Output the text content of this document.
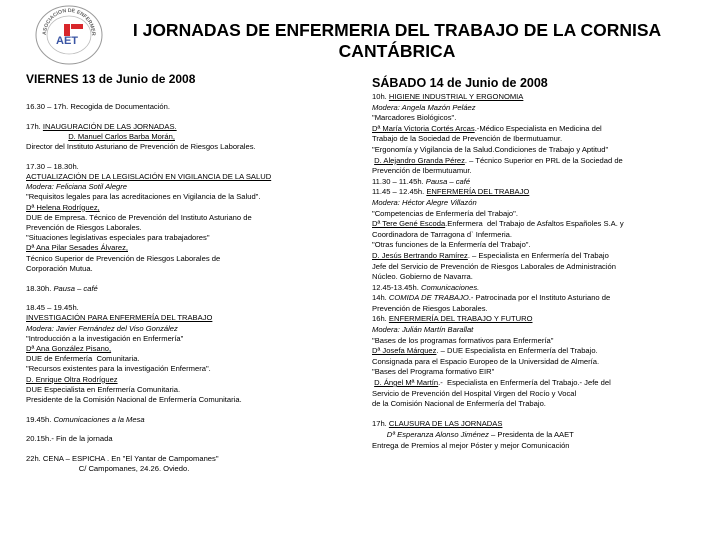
ASOCIACION DE ENFERMER
AET
I JORNADAS DE ENFERMERIA DEL TRABAJO DE LA CORNISA
CANTÁBRICA
VIERNES 13 de Junio de 2008
16.30 – 17h. Recogida de Documentación.
17h. INAUGURACIÓN DE LAS JORNADAS.
D. Manuel Carlos Barba Morán,
Director del Instituto Asturiano de Prevención de Riesgos Laborales.
17.30 – 18.30h.
ACTUALIZACIÓN DE LA LEGISLACIÓN EN VIGILANCIA DE LA SALUD
Modera: Feliciana Sotil Alegre
"Requisitos legales para las acreditaciones en Vigilancia de la Salud".
Dª Helena Rodríguez,
DUE de Empresa. Técnico de Prevención del Instituto Asturiano de
Prevención de Riesgos Laborales.
"Situaciones legislativas especiales para trabajadores"
Dª Ana Pilar Sesades Álvarez,
Técnico Superior de Prevención de Riesgos Laborales de
Corporación Mutua.
18.30h. Pausa – café
18.45 – 19.45h.
INVESTIGACIÓN PARA ENFERMERÍA DEL TRABAJO
Modera: Javier Fernández del Viso González
"Introducción a la investigación en Enfermería"
Dª Ana González Pisano,
DUE de Enfermería  Comunitaria.
"Recursos existentes para la investigación Enfermera".
D. Enrique Oltra Rodríguez
DUE Especialista en Enfermería Comunitaria.
Presidente de la Comisión Nacional de Enfermería Comunitaria.
19.45h. Comunicaciones a la Mesa
20.15h.- Fin de la jornada
22h. CENA – ESPICHA . En "El Yantar de Campomanes"
C/ Campomanes, 24.26. Oviedo.
SÁBADO 14 de Junio de 2008
10h. HIGIENE INDUSTRIAL Y ERGONOMIA
Modera: Angela Mazón Peláez
"Marcadores Biológicos".
Dª María Victoria Cortés Arcas.-Médico Especialista en Medicina del
Trabajo de la Sociedad de Prevención de Ibermutuamur.
"Ergonomía y Vigilancia de la Salud.Condiciones de Trabajo y Aptitud"
D. Alejandro Granda Pérez. – Técnico Superior en PRL de la Sociedad de
Prevención de Ibermutuamur.
11.30 – 11.45h. Pausa – café
11.45 – 12.45h. ENFERMERÍA DEL TRABAJO
Modera: Héctor Alegre Villazón
"Competencias de Enfermería del Trabajo".
Dª Tere Gené Escoda.Enfermera  del Trabajo de Asfaltos Españoles S.A. y
Coordinadora de Tarragona d` Infermeria.
"Otras funciones de la Enfermería del Trabajo".
D. Jesús Bertrando Ramírez. – Especialista en Enfermería del Trabajo
Jefe del Servicio de Prevención de Riesgos Laborales de Administración
Núcleo. Gobierno de Navarra.
12.45-13.45h. Comunicaciones.
14h. COMIDA DE TRABAJO.- Patrocinada por el Instituto Asturiano de
Prevención de Riesgos Laborales.
16h. ENFERMERÍA DEL TRABAJO Y FUTURO
Modera: Julián Martín Barallat
"Bases de los programas formativos para Enfermería"
Dª Josefa Márquez. – DUE Especialista en Enfermería del Trabajo.
Consignada para el Espacio Europeo de la Universidad de Almería.
"Bases del Programa formativo EIR"
D. Ángel Mª Martín.-  Especialista en Enfermería del Trabajo.- Jefe del
Servicio de Prevención del Hospital Virgen del Rocío y Vocal
de la Comisión Nacional de Enfermería del Trabajo.
17h. CLAUSURA DE LAS JORNADAS
Dª Esperanza Alonso Jiménez – Presidenta de la AAET
Entrega de Premios al mejor Póster y mejor Comunicación
